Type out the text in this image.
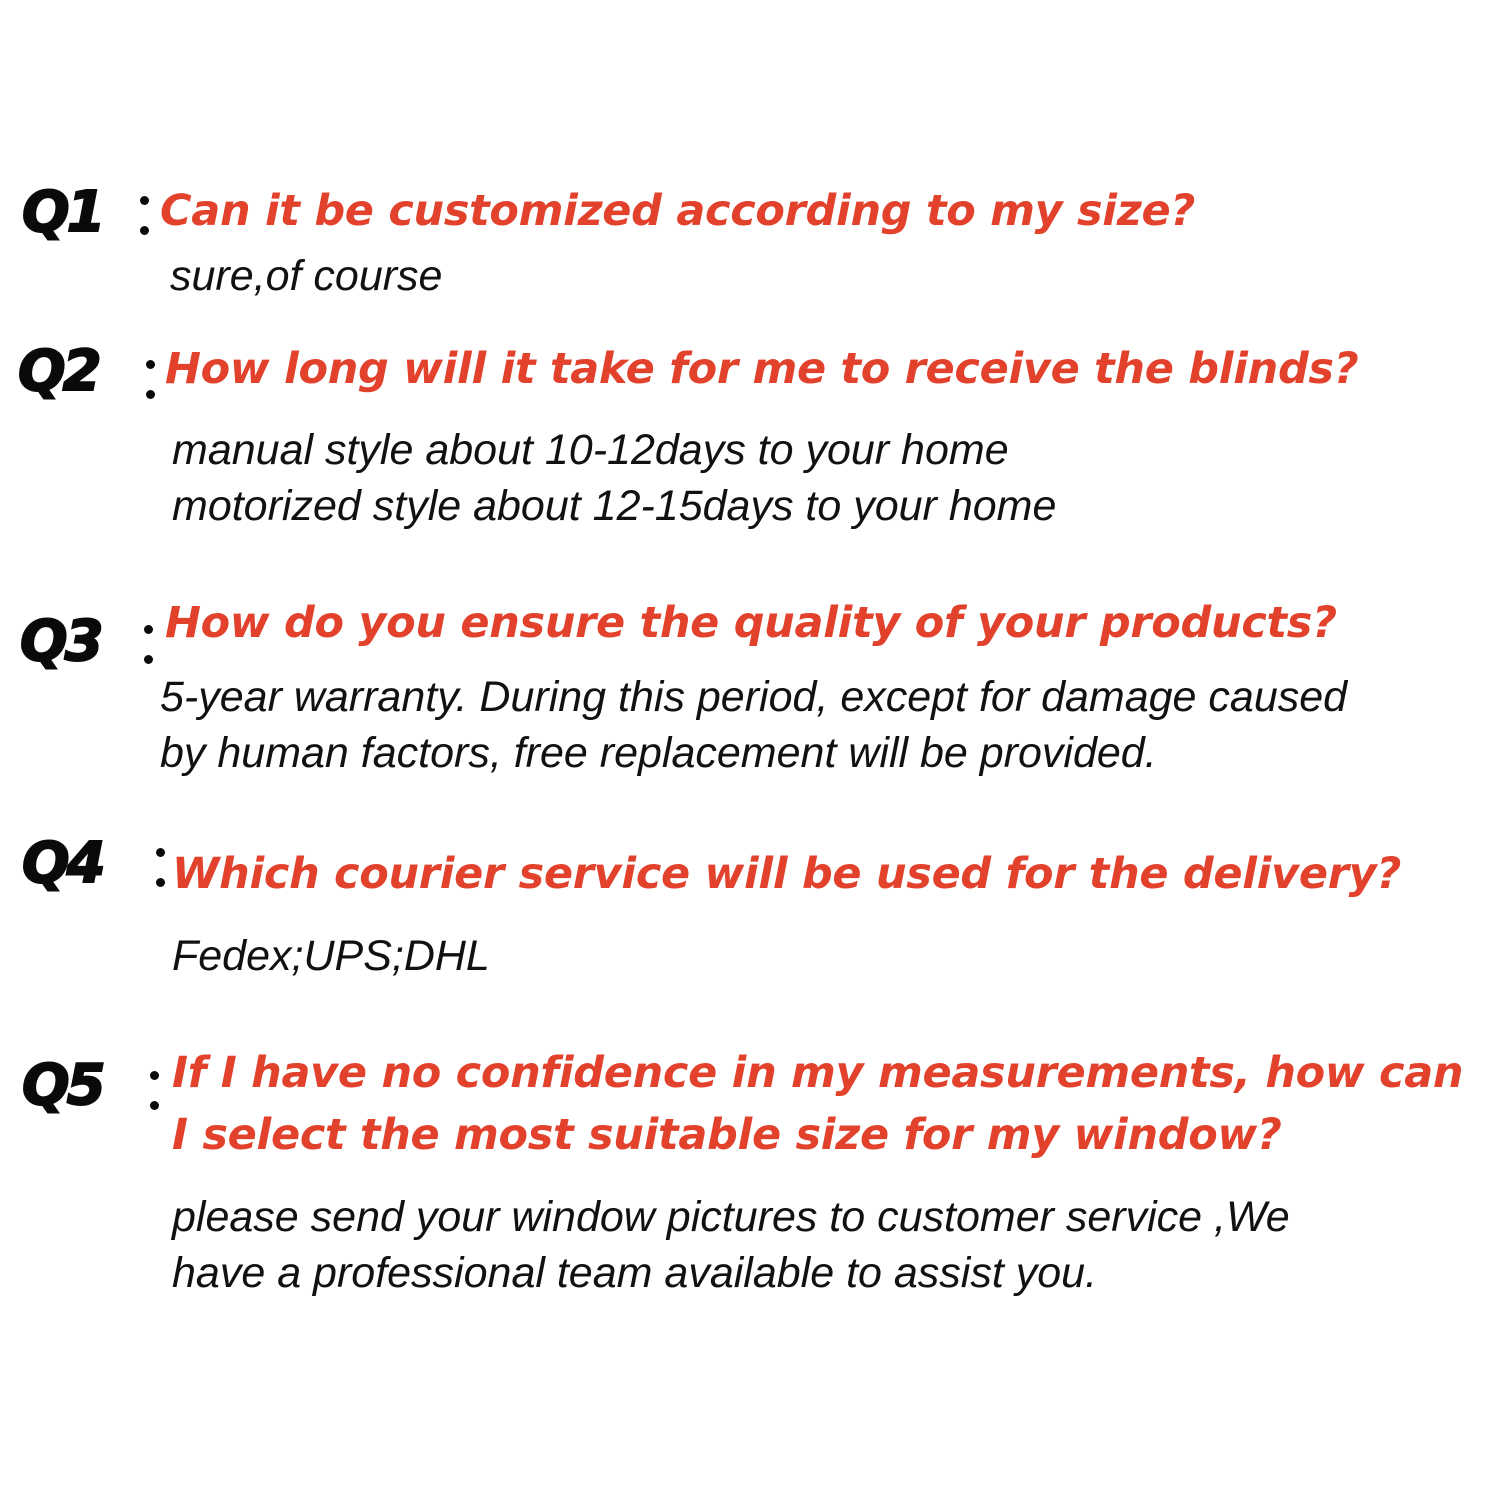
Q1 Can it be customized according to my size?
sure,of course
Q2 How long will it take for me to receive the blinds?
manual style about 10-12days to your home
motorized style about 12-15days to your home
Q3 How do you ensure the quality of your products?
5-year warranty. During this period, except for damage caused
by human factors, free replacement will be provided.
Q4 Which courier service will be used for the delivery?
Fedex;UPS;DHL
Q5 If I have no confidence in my measurements, how can
I select the most suitable size for my window?
please send your window pictures to customer service ,We
have a professional team available to assist you.
